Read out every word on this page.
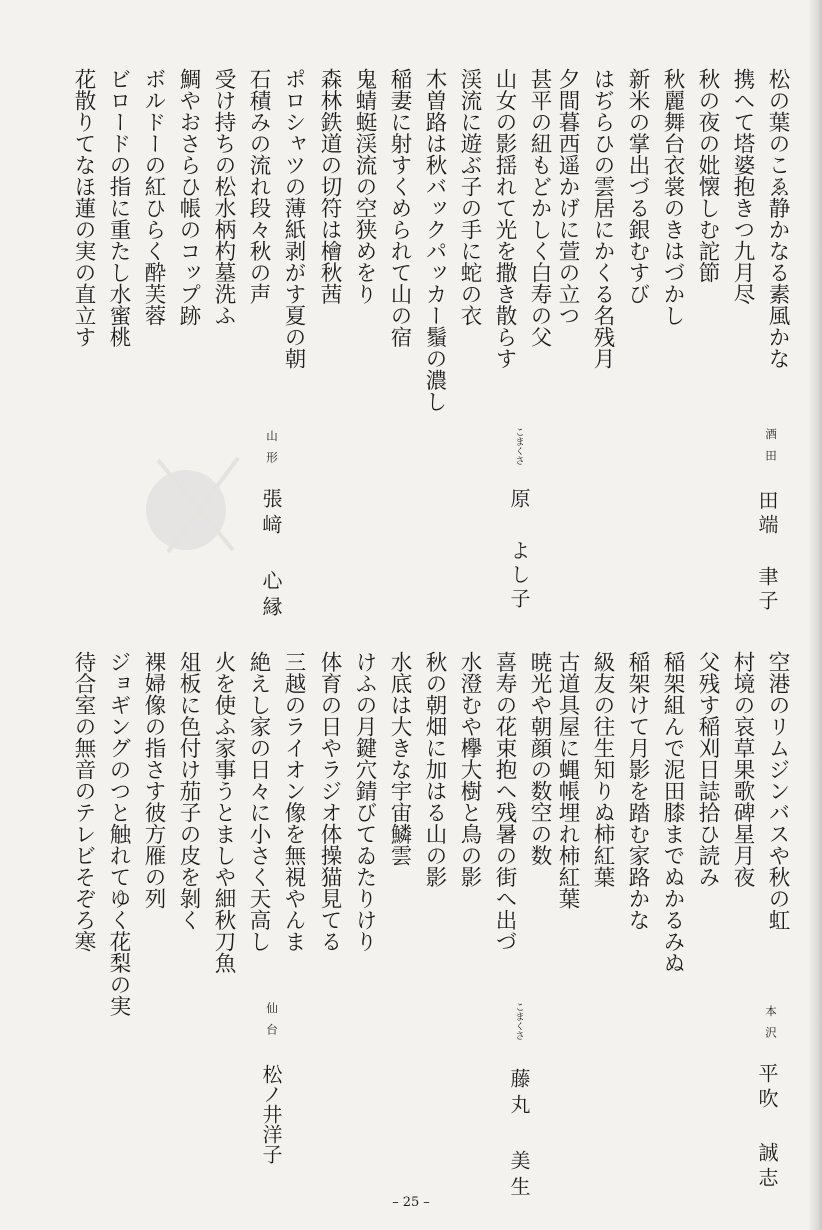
松の葉のこゑ静かなる素風かな
携へて塔婆抱きつ九月尽
秋の夜の妣懐しむ詑節
秋麗舞台衣裳のきはづかし
新米の掌出づる銀むすび
はぢらひの雲居にかくる名残月
夕間暮西遥かげに萱の立つ
酒田
田端 聿子
甚平の紐もどかしく白寿の父
山女の影揺れて光を撒き散らす
渓流に遊ぶ子の手に蛇の衣
木曽路は秋バックパッカー鬚の濃し
稲妻に射すくめられて山の宿
鬼蜻蜓渓流の空狭めをり
森林鉄道の切符は檜秋茜
こまくさ
原 よし子
ポロシャツの薄紙剥がす夏の朝
石積みの流れ段々秋の声
受け持ちの松水柄杓墓洗ふ
鯛やおさらひ帳のコップ跡
ボルドーの紅ひらく酔芙蓉
ビロードの指に重たし水蜜桃
花散りてなほ蓮の実の直立す
山形
張﨑 心縁
空港のリムジンバスや秋の虹
村境の哀草果歌碑星月夜
父残す稲刈日誌拾ひ読み
稲架組んで泥田膝までぬかるみぬ
稲架けて月影を踏む家路かな
級友の往生知りぬ柿紅葉
古道具屋に蝿帳埋れ柿紅葉
本沢
平吹 誠志
暁光や朝顔の数空の数
喜寿の花束抱へ残暑の街へ出づ
水澄むや欅大樹と鳥の影
秋の朝畑に加はる山の影
水底は大きな宇宙鱗雲
けふの月鍵穴錆びてゐたりけり
体育の日やラジオ体操猫見てる
こまくさ
藤丸 美生
三越のライオン像を無視やんま
絶えし家の日々に小さく天高し
火を使ふ家事うとましや細秋刀魚
俎板に色付け茄子の皮を剝く
裸婦像の指さす彼方雁の列
ジョギングのつと触れてゆく花梨の実
待合室の無音のテレビそぞろ寒
仙台
松ノ井洋子
– 25 –
